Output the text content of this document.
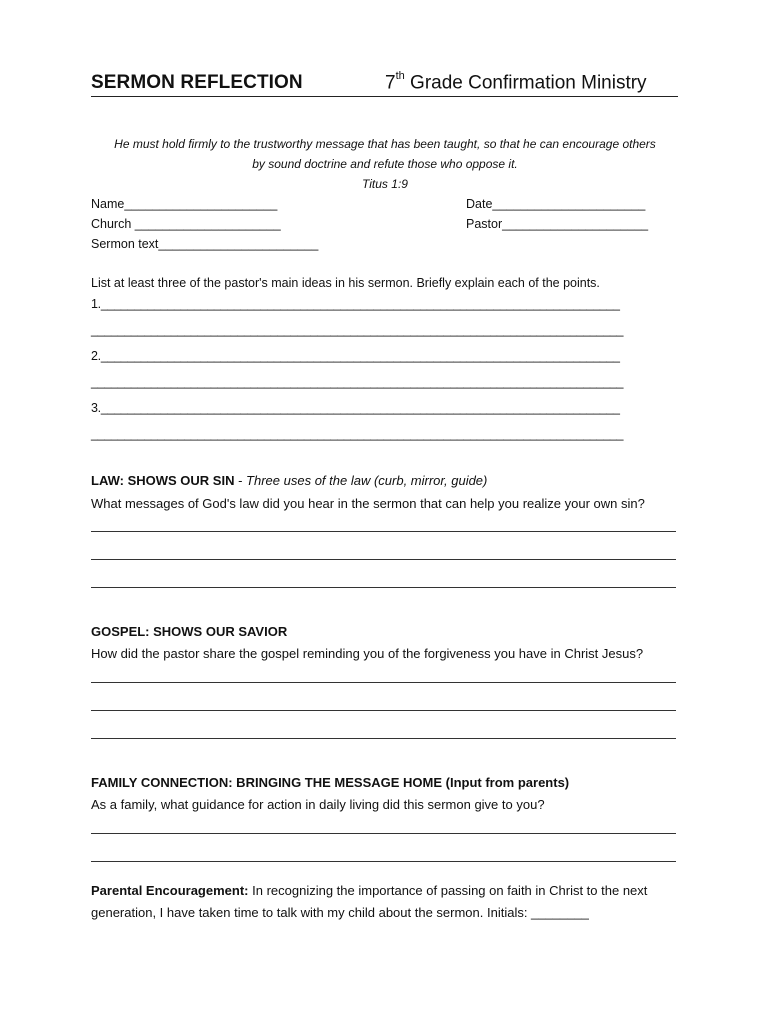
SERMON REFLECTION	7th Grade Confirmation Ministry
He must hold firmly to the trustworthy message that has been taught, so that he can encourage others
by sound doctrine and refute those who oppose it.
Titus 1:9
Name______________________	Date______________________
Church _____________________	Pastor_____________________
Sermon text_______________________
List at least three of the pastor's main ideas in his sermon. Briefly explain each of the points.
1.______________________________________________________________________________
________________________________________________________________________________
2.______________________________________________________________________________
________________________________________________________________________________
3.______________________________________________________________________________
________________________________________________________________________________
LAW: SHOWS OUR SIN - Three uses of the law (curb, mirror, guide)
What messages of God's law did you hear in the sermon that can help you realize your own sin?
GOSPEL: SHOWS OUR SAVIOR
How did the pastor share the gospel reminding you of the forgiveness you have in Christ Jesus?
FAMILY CONNECTION: BRINGING THE MESSAGE HOME (Input from parents)
As a family, what guidance for action in daily living did this sermon give to you?
Parental Encouragement: In recognizing the importance of passing on faith in Christ to the next
generation, I have taken time to talk with my child about the sermon. Initials: ________
